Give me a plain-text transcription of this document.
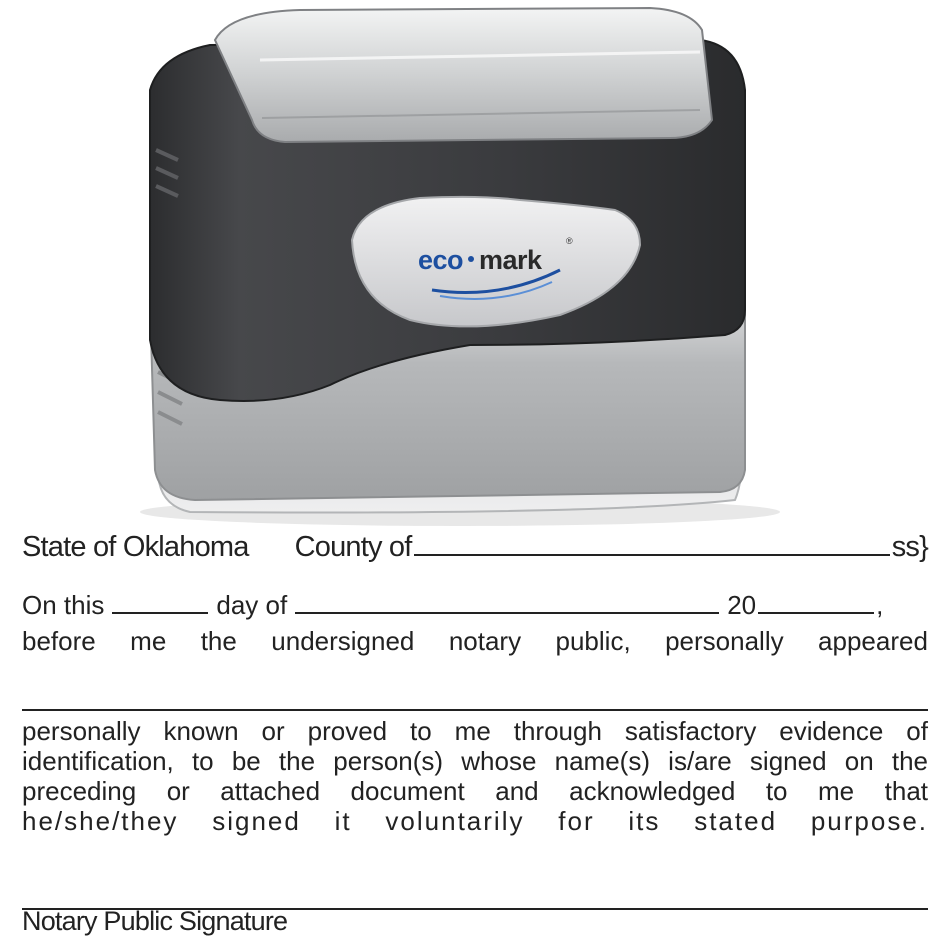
eco mark
®
State of Oklahoma County of	ss}
On this	day of	20	,
before me the undersigned notary public, personally appeared
personally known or proved to me through satisfactory evidence of
identification, to be the person(s) whose name(s) is/are signed on the
preceding or attached document and acknowledged to me that
he/she/they signed it voluntarily for its stated purpose.
Notary Public Signature
